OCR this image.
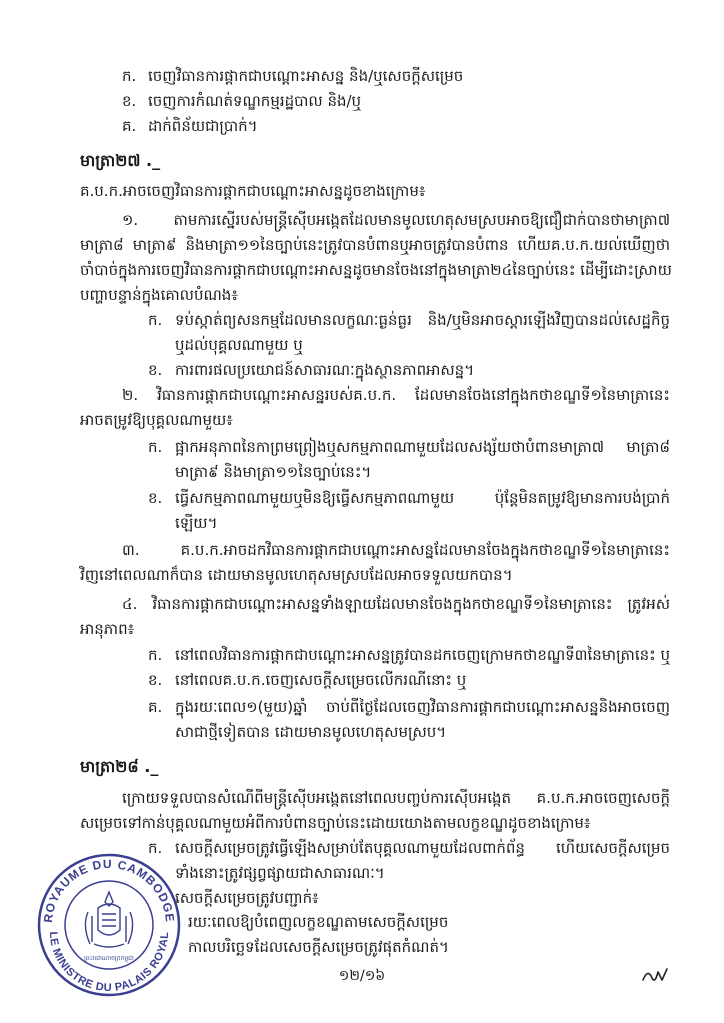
ក. ចេញវិធានការផ្តាកជាបណ្តោះអាសន្ន និង/ឬសេចក្តីសម្រេច
ខ. ចេញការកំណត់ទណ្ឌកម្មរដ្ឋបាល និង/ឬ
គ. ដាក់ពិន័យជាប្រាក់។
មាត្រា២៧ ._
គ.ប.ក.អាចចេញវិធានការផ្តាកជាបណ្តោះអាសន្នដូចខាងក្រោម៖
១. តាមការស្នើរបស់មន្ត្រីស៊ើបអង្កេតដែលមានមូលហេតុសមស្របអាចឱ្យជឿជាក់បានថាមាត្រា៧
មាត្រា៨ មាត្រា៩ និងមាត្រា១១នៃច្បាប់នេះត្រូវបានបំពានឬអាចត្រូវបានបំពាន ហើយគ.ប.ក.យល់ឃើញថា
ចាំបាច់ក្នុងការចេញវិធានការផ្តាកជាបណ្តោះអាសន្នដូចមានចែងនៅក្នុងមាត្រា២៤នៃច្បាប់នេះ ដើម្បីដោះស្រាយ
បញ្ហាបន្ទាន់ក្នុងគោលបំណង៖
ក. ទប់ស្កាត់ព្យសនកម្មដែលមានលក្ខណៈធ្ងន់ធ្ងរ និង/ឬមិនអាចស្តារឡើងវិញបានដល់សេដ្ឋកិច្ច
ឬដល់បុគ្គលណាមួយ ឬ
ខ. ការពារផលប្រយោជន៍សាធារណៈក្នុងស្ថានភាពអាសន្ន។
២. វិធានការផ្តាកជាបណ្តោះអាសន្នរបស់គ.ប.ក. ដែលមានចែងនៅក្នុងកថាខណ្ឌទី១នៃមាត្រានេះ
អាចតម្រូវឱ្យបុគ្គលណាមួយ៖
ក. ផ្អាកអនុភាពនៃកាព្រមព្រៀងឬសកម្មភាពណាមួយដែលសង្ស័យថាបំពានមាត្រា៧ មាត្រា៨
មាត្រា៩ និងមាត្រា១១នៃច្បាប់នេះ។
ខ. ធ្វើសកម្មភាពណាមួយឬមិនឱ្យធ្វើសកម្មភាពណាមួយ ប៉ុន្តែមិនតម្រូវឱ្យមានការបង់ប្រាក់
ឡើយ។
៣. គ.ប.ក.អាចដកវិធានការផ្តាកជាបណ្តោះអាសន្នដែលមានចែងក្នុងកថាខណ្ឌទី១នៃមាត្រានេះ
វិញនៅពេលណាក៏បាន ដោយមានមូលហេតុសមស្របដែលអាចទទួលយកបាន។
៤. វិធានការផ្តាកជាបណ្តោះអាសន្នទាំងឡាយដែលមានចែងក្នុងកថាខណ្ឌទី១នៃមាត្រានេះ ត្រូវអស់
អានុភាព៖
ក. នៅពេលវិធានការផ្តាកជាបណ្តោះអាសន្នត្រូវបានដកចេញក្រោមកថាខណ្ឌទី៣នៃមាត្រានេះ ឬ
ខ. នៅពេលគ.ប.ក.ចេញសេចក្តីសម្រេចលើករណីនោះ ឬ
គ. ក្នុងរយៈពេល១(មួយ)ឆ្នាំ ចាប់ពីថ្ងៃដែលចេញវិធានការផ្តាកជាបណ្តោះអាសន្ននិងអាចចេញ
សាជាថ្មីទៀតបាន ដោយមានមូលហេតុសមស្រប។
មាត្រា២៨ ._
ក្រោយទទួលបានសំណើពីមន្ត្រីស៊ើបអង្កេតនៅពេលបញ្ចប់ការស៊ើបអង្កេត គ.ប.ក.អាចចេញសេចក្តី
សម្រេចទៅកាន់បុគ្គលណាមួយអំពីការបំពានច្បាប់នេះដោយយោងតាមលក្ខខណ្ឌដូចខាងក្រោម៖
ក. សេចក្តីសម្រេចត្រូវធ្វើឡើងសម្រាប់តែបុគ្គលណាមួយដែលពាក់ព័ន្ធ ហើយសេចក្តីសម្រេច
ទាំងនោះត្រូវផ្សព្វផ្សាយជាសាធារណៈ។
សេចក្តីសម្រេចត្រូវបញ្ជាក់៖
រយៈពេលឱ្យបំពេញលក្ខខណ្ឌតាមសេចក្តីសម្រេច
កាលបរិច្ឆេទដែលសេចក្តីសម្រេចត្រូវផុតកំណត់។
ROYAUME DU CAMBODGE
LE MINISTRE DU PALAIS ROYAL
ព្រះរាជាណាចក្រកម្ពុជា
១២/១៦
